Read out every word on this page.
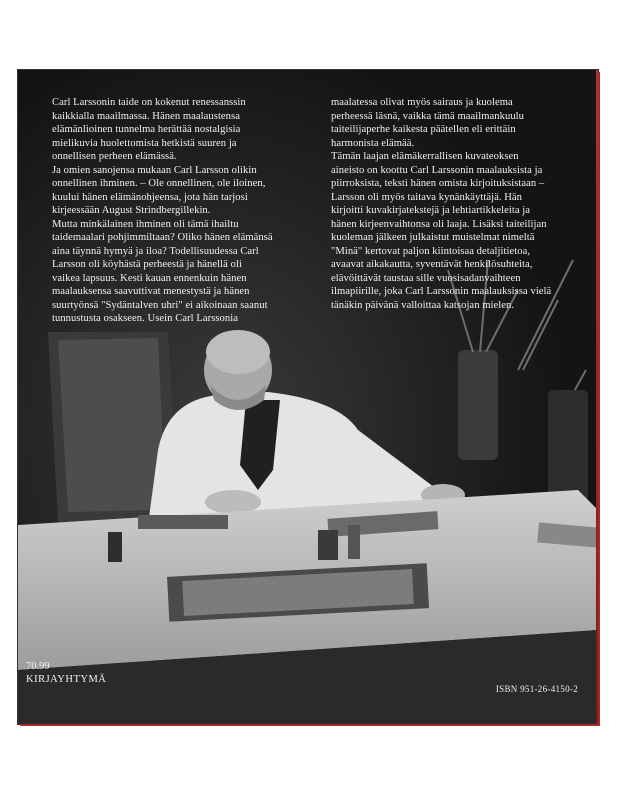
Carl Larssonin taide on kokenut renessanssin
kaikkialla maailmassa. Hänen maalaustensa
elämänlioinen tunnelma herättää nostalgisia
mielikuvia huolettomista hetkistä suuren ja
onnellisen perheen elämässä.
Ja omien sanojensa mukaan Carl Larsson olikin
onnellinen ihminen. – Ole onnellinen, ole iloinen,
kuului hänen elämänohjeensa, jota hän tarjosi
kirjeessään August Strindbergillekin.
Mutta minkälainen ihminen oli tämä ihailtu
taidemaalari pohjimmiltaan? Oliko hänen elämänsä
aina täynnä hymyä ja iloa? Todellisuudessa Carl
Larsson oli köyhästä perheestä ja hänellä oli
vaikea lapsuus. Kesti kauan ennenkuin hänen
maalauksensa saavuttivat menestystä ja hänen
suurtyönsä "Sydäntalven uhri" ei aikoinaan saanut
tunnustusta osakseen. Usein Carl Larssonia
maalatessa olivat myös sairaus ja kuolema
perheessä läsnä, vaikka tämä maailmankuulu
taiteilijaperhe kaikesta päätellen eli erittäin
harmonista elämää.
Tämän laajan elämäkerrallisen kuvateoksen
aineisto on koottu Carl Larssonin maalauksista ja
piirroksista, teksti hänen omista kirjoituksistaan –
Larsson oli myös taitava kynänkäyttäjä. Hän
kirjoitti kuvakirjatekstejä ja lehtiartikkeleita ja
hänen kirjeenvaihtonsa oli laaja. Lisäksi taiteilijan
kuoleman jälkeen julkaistut muistelmat nimeltä
"Minä" kertovat paljon kiintoisaa detaljitietoa,
avaavat aikakautta, syventävät henkilösuhteita,
elävöittävät taustaa sille vuosisadanvaihteen
ilmapiirille, joka Carl Larssonin maalauksissa vielä
tänäkin päivänä valloittaa katsojan mielen.
70.99
KIRJAYHTYMÄ
ISBN 951-26-4150-2
